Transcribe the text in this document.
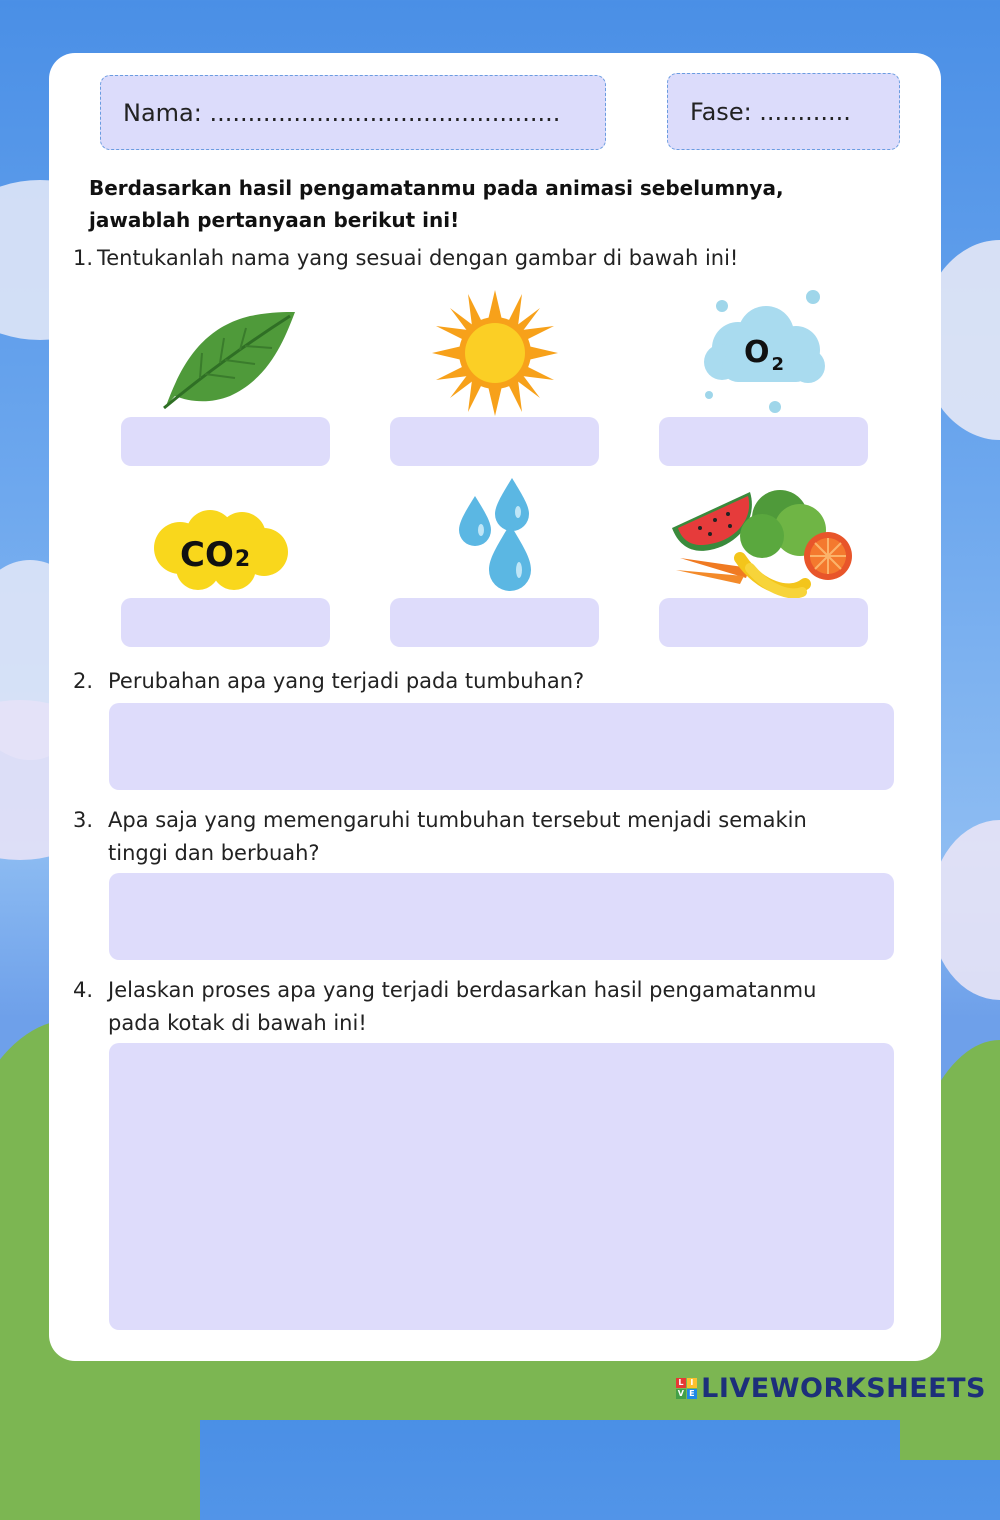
Nama: ..............................................	Fase: ............
Berdasarkan hasil pengamatanmu pada animasi sebelumnya, jawablah pertanyaan berikut ini!
1. Tentukanlah nama yang sesuai dengan gambar di bawah ini!
O $_2$
CO2
2. Perubahan apa yang terjadi pada tumbuhan?
3. Apa saja yang memengaruhi tumbuhan tersebut menjadi semakin
tinggi dan berbuah?
4. Jelaskan proses apa yang terjadi berdasarkan hasil pengamatanmu
pada kotak di bawah ini!
L I
V E LIVEWORKSHEETS
